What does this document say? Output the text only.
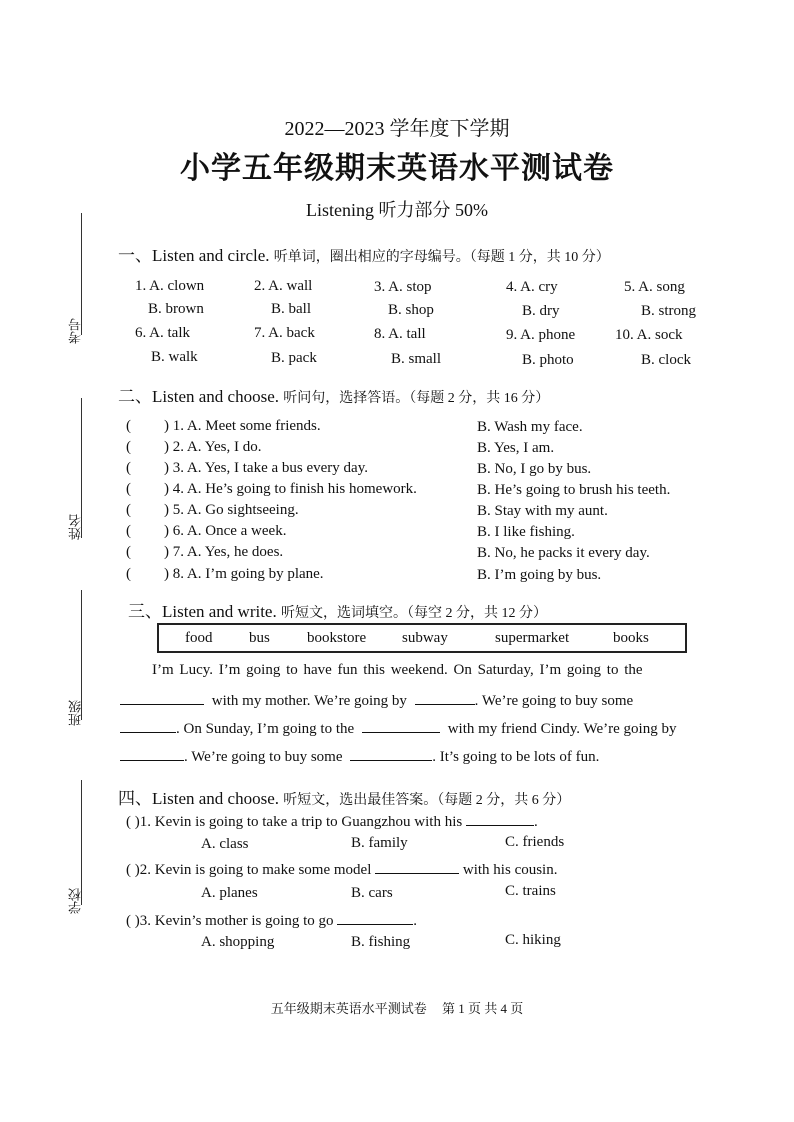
考号
姓名
班级
学校
2022—2023 学年度下学期
小学五年级期末英语水平测试卷
Listening 听力部分 50%
一、Listen and circle. 听单词，圈出相应的字母编号。（每题 1 分，共 10 分）
1. A. clown
B. brown
2. A. wall
B. ball
3. A. stop
B. shop
4. A. cry
B. dry
5. A. song
B. strong
6. A. talk
B. walk
7. A. back
B. pack
8. A. tall
B. small
9. A. phone
B. photo
10. A. sock
B. clock
二、Listen and choose. 听问句，选择答语。（每题 2 分，共 16 分）
( ) 1. A. Meet some friends.	B. Wash my face.
( ) 2. A. Yes, I do.	B. Yes, I am.
( ) 3. A. Yes, I take a bus every day.	B. No, I go by bus.
( ) 4. A. He’s going to finish his homework.	B. He’s going to brush his teeth.
( ) 5. A. Go sightseeing.	B. Stay with my aunt.
( ) 6. A. Once a week.	B. I like fishing.
( ) 7. A. Yes, he does.	B. No, he packs it every day.
( ) 8. A. I’m going by plane.	B. I’m going by bus.
三、Listen and write. 听短文，选词填空。（每空 2 分，共 12 分）
food bus bookstore subway	supermarket	books
I’m Lucy. I’m going to have fun this weekend. On Saturday, I’m going to the
with my mother. We’re going by	. We’re going to buy some
. On Sunday, I’m going to the	with my friend Cindy. We’re going by
. We’re going to buy some	. It’s going to be lots of fun.
四、Listen and choose. 听短文，选出最佳答案。（每题 2 分，共 6 分）
( )1. Kevin is going to take a trip to Guangzhou with his	.
A. class	B. family	C. friends
( )2. Kevin is going to make some model	with his cousin.
A. planes	B. cars	C. trains
( )3. Kevin’s mother is going to go	.
A. shopping	B. fishing	C. hiking
五年级期末英语水平测试卷 第 1 页 共 4 页
